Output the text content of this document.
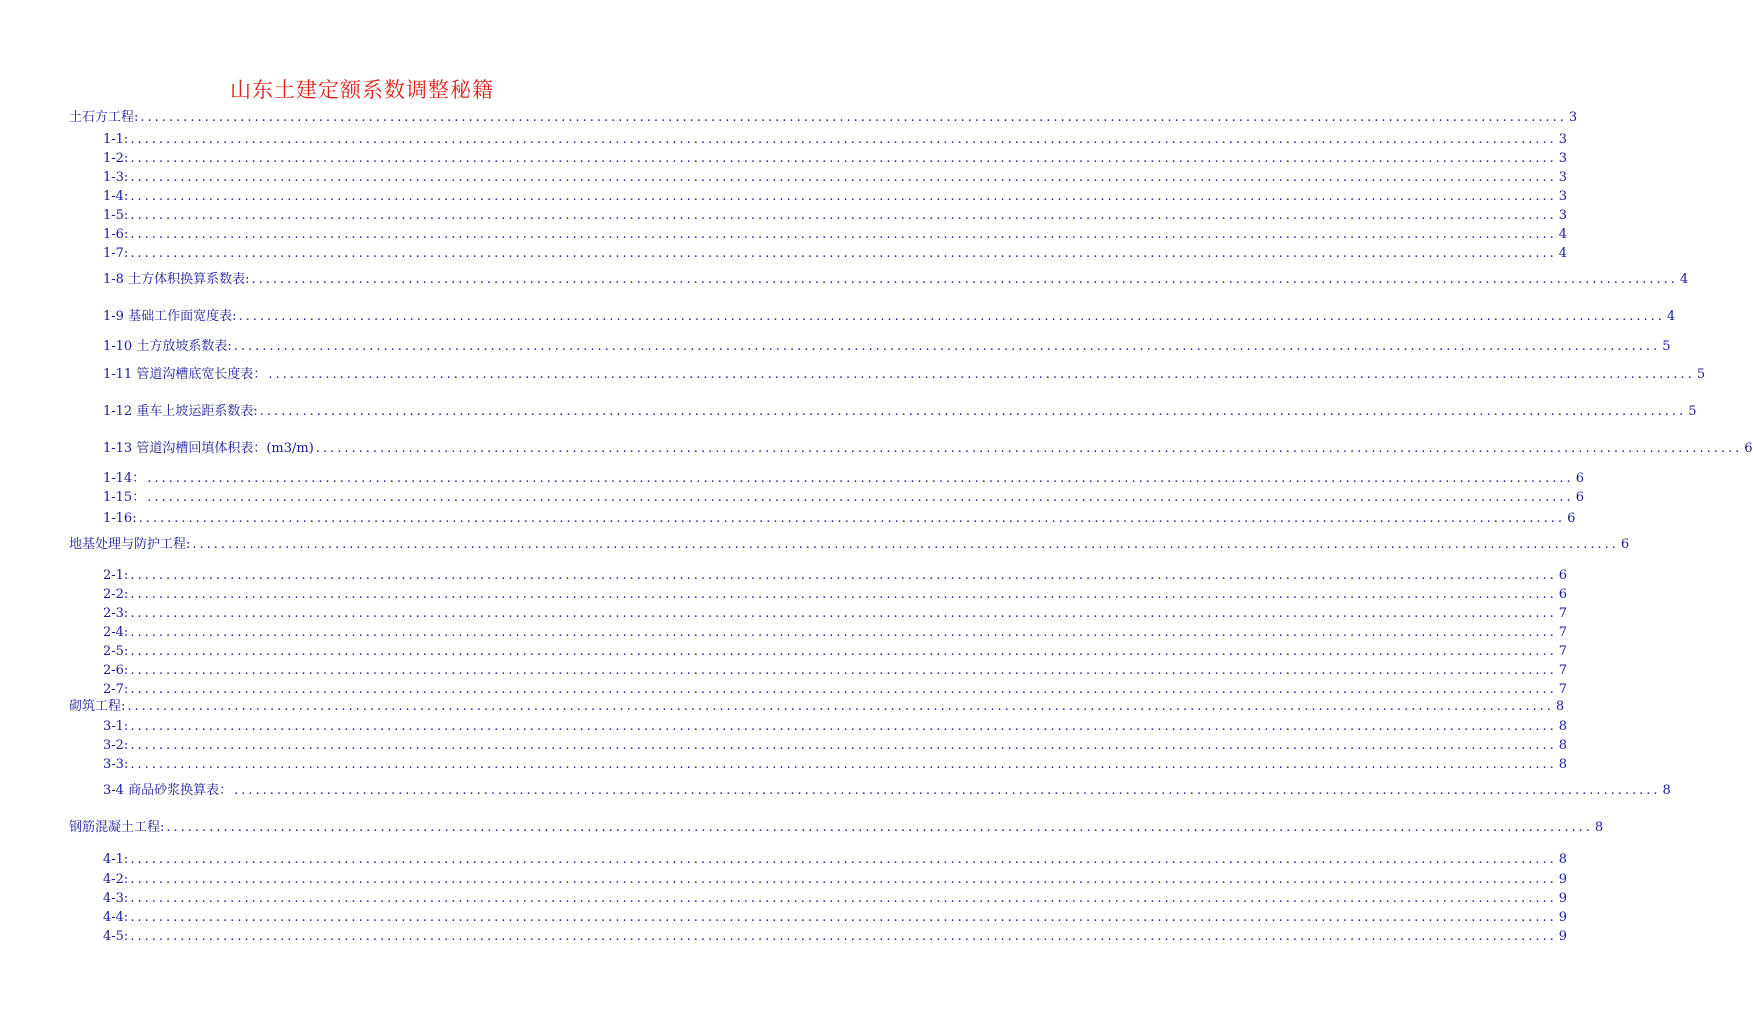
山东土建定额系数调整秘籍
土石方工程: ........................................................................................................................................................................................................ 3
1-1: ........................................................................................................................................................................................................ 3
1-2: ........................................................................................................................................................................................................ 3
1-3: ........................................................................................................................................................................................................ 3
1-4: ........................................................................................................................................................................................................ 3
1-5: ........................................................................................................................................................................................................ 3
1-6: ........................................................................................................................................................................................................ 4
1-7: ........................................................................................................................................................................................................ 4
1-8 土方体积换算系数表: ........................................................................................................................................................................................................ 4
1-9 基础工作面宽度表: ........................................................................................................................................................................................................ 4
1-10 土方放坡系数表: ........................................................................................................................................................................................................ 5
1-11 管道沟槽底宽长度表： ........................................................................................................................................................................................................ 5
1-12 重车上坡运距系数表: ........................................................................................................................................................................................................ 5
1-13 管道沟槽回填体积表：(m3/m) ........................................................................................................................................................................................................ 6
1-14： ........................................................................................................................................................................................................ 6
1-15： ........................................................................................................................................................................................................ 6
1-16: ........................................................................................................................................................................................................ 6
地基处理与防护工程: ........................................................................................................................................................................................................ 6
2-1: ........................................................................................................................................................................................................ 6
2-2: ........................................................................................................................................................................................................ 6
2-3: ........................................................................................................................................................................................................ 7
2-4: ........................................................................................................................................................................................................ 7
2-5: ........................................................................................................................................................................................................ 7
2-6: ........................................................................................................................................................................................................ 7
2-7: ........................................................................................................................................................................................................ 7
砌筑工程: ........................................................................................................................................................................................................ 8
3-1: ........................................................................................................................................................................................................ 8
3-2: ........................................................................................................................................................................................................ 8
3-3: ........................................................................................................................................................................................................ 8
3-4 商品砂浆换算表： ........................................................................................................................................................................................................ 8
钢筋混凝土工程: ........................................................................................................................................................................................................ 8
4-1: ........................................................................................................................................................................................................ 8
4-2: ........................................................................................................................................................................................................ 9
4-3: ........................................................................................................................................................................................................ 9
4-4: ........................................................................................................................................................................................................ 9
4-5: ........................................................................................................................................................................................................ 9
